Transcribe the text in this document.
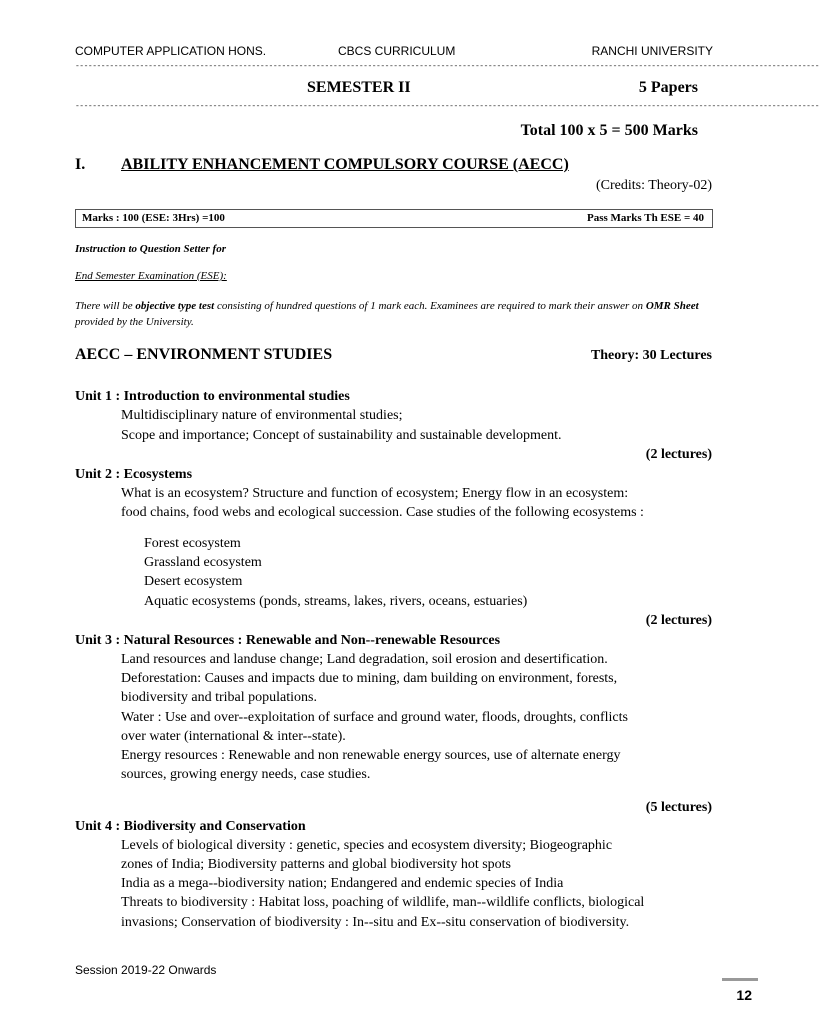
COMPUTER APPLICATION HONS.	CBCS CURRICULUM	RANCHI UNIVERSITY
-----------------------------------------------------------------------------------------------------------------------------------------------------------------------------
SEMESTER II	5 Papers
-----------------------------------------------------------------------------------------------------------------------------------------------------------------------------
Total 100 x 5 = 500 Marks
I. ABILITY ENHANCEMENT COMPULSORY COURSE (AECC)
(Credits: Theory-02)
Marks : 100 (ESE: 3Hrs) =100	Pass Marks Th ESE = 40
Instruction to Question Setter for
End Semester Examination (ESE):
There will be objective type test consisting of hundred questions of 1 mark each. Examinees are required to mark their answer on OMR Sheet provided by the University.
AECC – ENVIRONMENT STUDIES	Theory: 30 Lectures
Unit 1 : Introduction to environmental studies
Multidisciplinary nature of environmental studies;
Scope and importance; Concept of sustainability and sustainable development.
(2 lectures)
Unit 2 : Ecosystems
What is an ecosystem? Structure and function of ecosystem; Energy flow in an ecosystem:
food chains, food webs and ecological succession. Case studies of the following ecosystems :
Forest ecosystem
Grassland ecosystem
Desert ecosystem
Aquatic ecosystems (ponds, streams, lakes, rivers, oceans, estuaries)
(2 lectures)
Unit 3 : Natural Resources : Renewable and Non--renewable Resources
Land resources and landuse change; Land degradation, soil erosion and desertification.
Deforestation: Causes and impacts due to mining, dam building on environment, forests,
biodiversity and tribal populations.
Water : Use and over--exploitation of surface and ground water, floods, droughts, conflicts
over water (international & inter--state).
Energy resources : Renewable and non renewable energy sources, use of alternate energy
sources, growing energy needs, case studies.
(5 lectures)
Unit 4 : Biodiversity and Conservation
Levels of biological diversity : genetic, species and ecosystem diversity; Biogeographic
zones of India; Biodiversity patterns and global biodiversity hot spots
India as a mega--biodiversity nation; Endangered and endemic species of India
Threats to biodiversity : Habitat loss, poaching of wildlife, man--wildlife conflicts, biological
invasions; Conservation of biodiversity : In--situ and Ex--situ conservation of biodiversity.
Session 2019-22 Onwards
12
